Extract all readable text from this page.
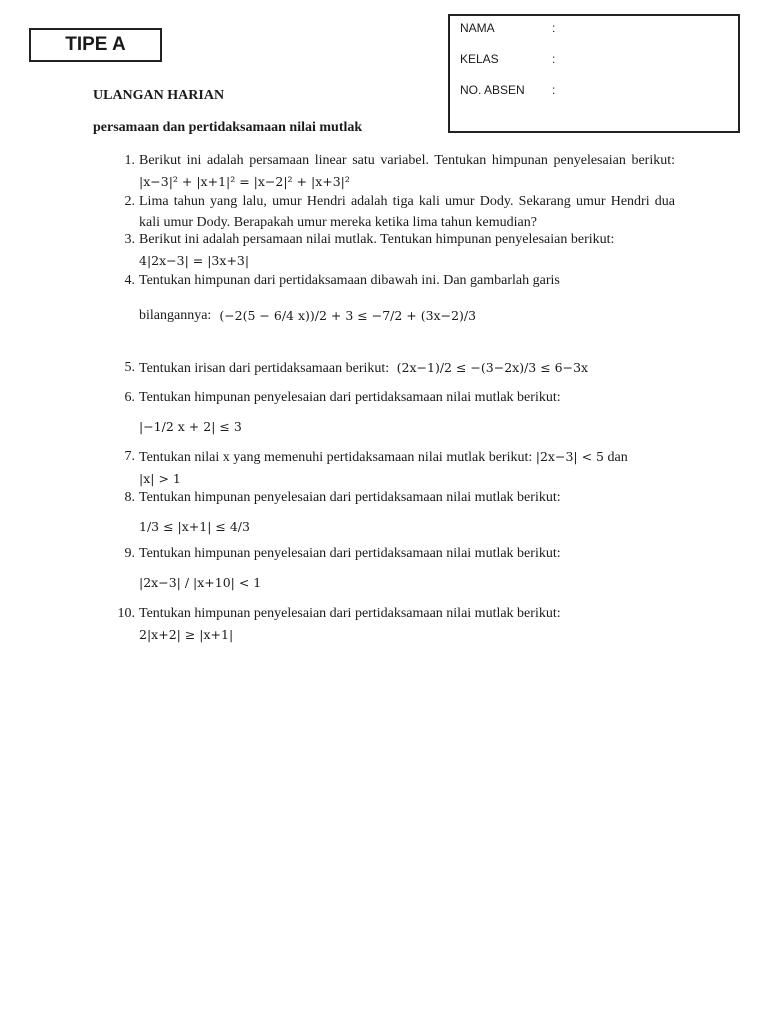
TIPE A
NAMA	:
KELAS	:
NO. ABSEN :
ULANGAN HARIAN
persamaan dan pertidaksamaan nilai mutlak
1. Berikut ini adalah persamaan linear satu variabel. Tentukan himpunan penyelesaian berikut: |x−3|² + |x+1|² = |x−2|² + |x+3|²
2. Lima tahun yang lalu, umur Hendri adalah tiga kali umur Dody. Sekarang umur Hendri dua kali umur Dody. Berapakah umur mereka ketika lima tahun kemudian?
3. Berikut ini adalah persamaan nilai mutlak. Tentukan himpunan penyelesaian berikut:
4|2x−3| = |3x+3|
4. Tentukan himpunan dari pertidaksamaan dibawah ini. Dan gambarlah garis

bilangannya: (−2(5 − 6/4 x))/2 + 3 ≤ −7/2 + (3x−2)/3
5. Tentukan irisan dari pertidaksamaan berikut: (2x−1)/2 ≤ −(3−2x)/3 ≤ 6−3x
6. Tentukan himpunan penyelesaian dari pertidaksamaan nilai mutlak berikut:
|−1/2 x + 2| ≤ 3
7. Tentukan nilai x yang memenuhi pertidaksamaan nilai mutlak berikut: |2x−3| < 5 dan
|x| > 1
8. Tentukan himpunan penyelesaian dari pertidaksamaan nilai mutlak berikut:
1/3 ≤ |x+1| ≤ 4/3
9. Tentukan himpunan penyelesaian dari pertidaksamaan nilai mutlak berikut:
|2x−3| / |x+10| < 1
10. Tentukan himpunan penyelesaian dari pertidaksamaan nilai mutlak berikut:
2|x+2| ≥ |x+1|
